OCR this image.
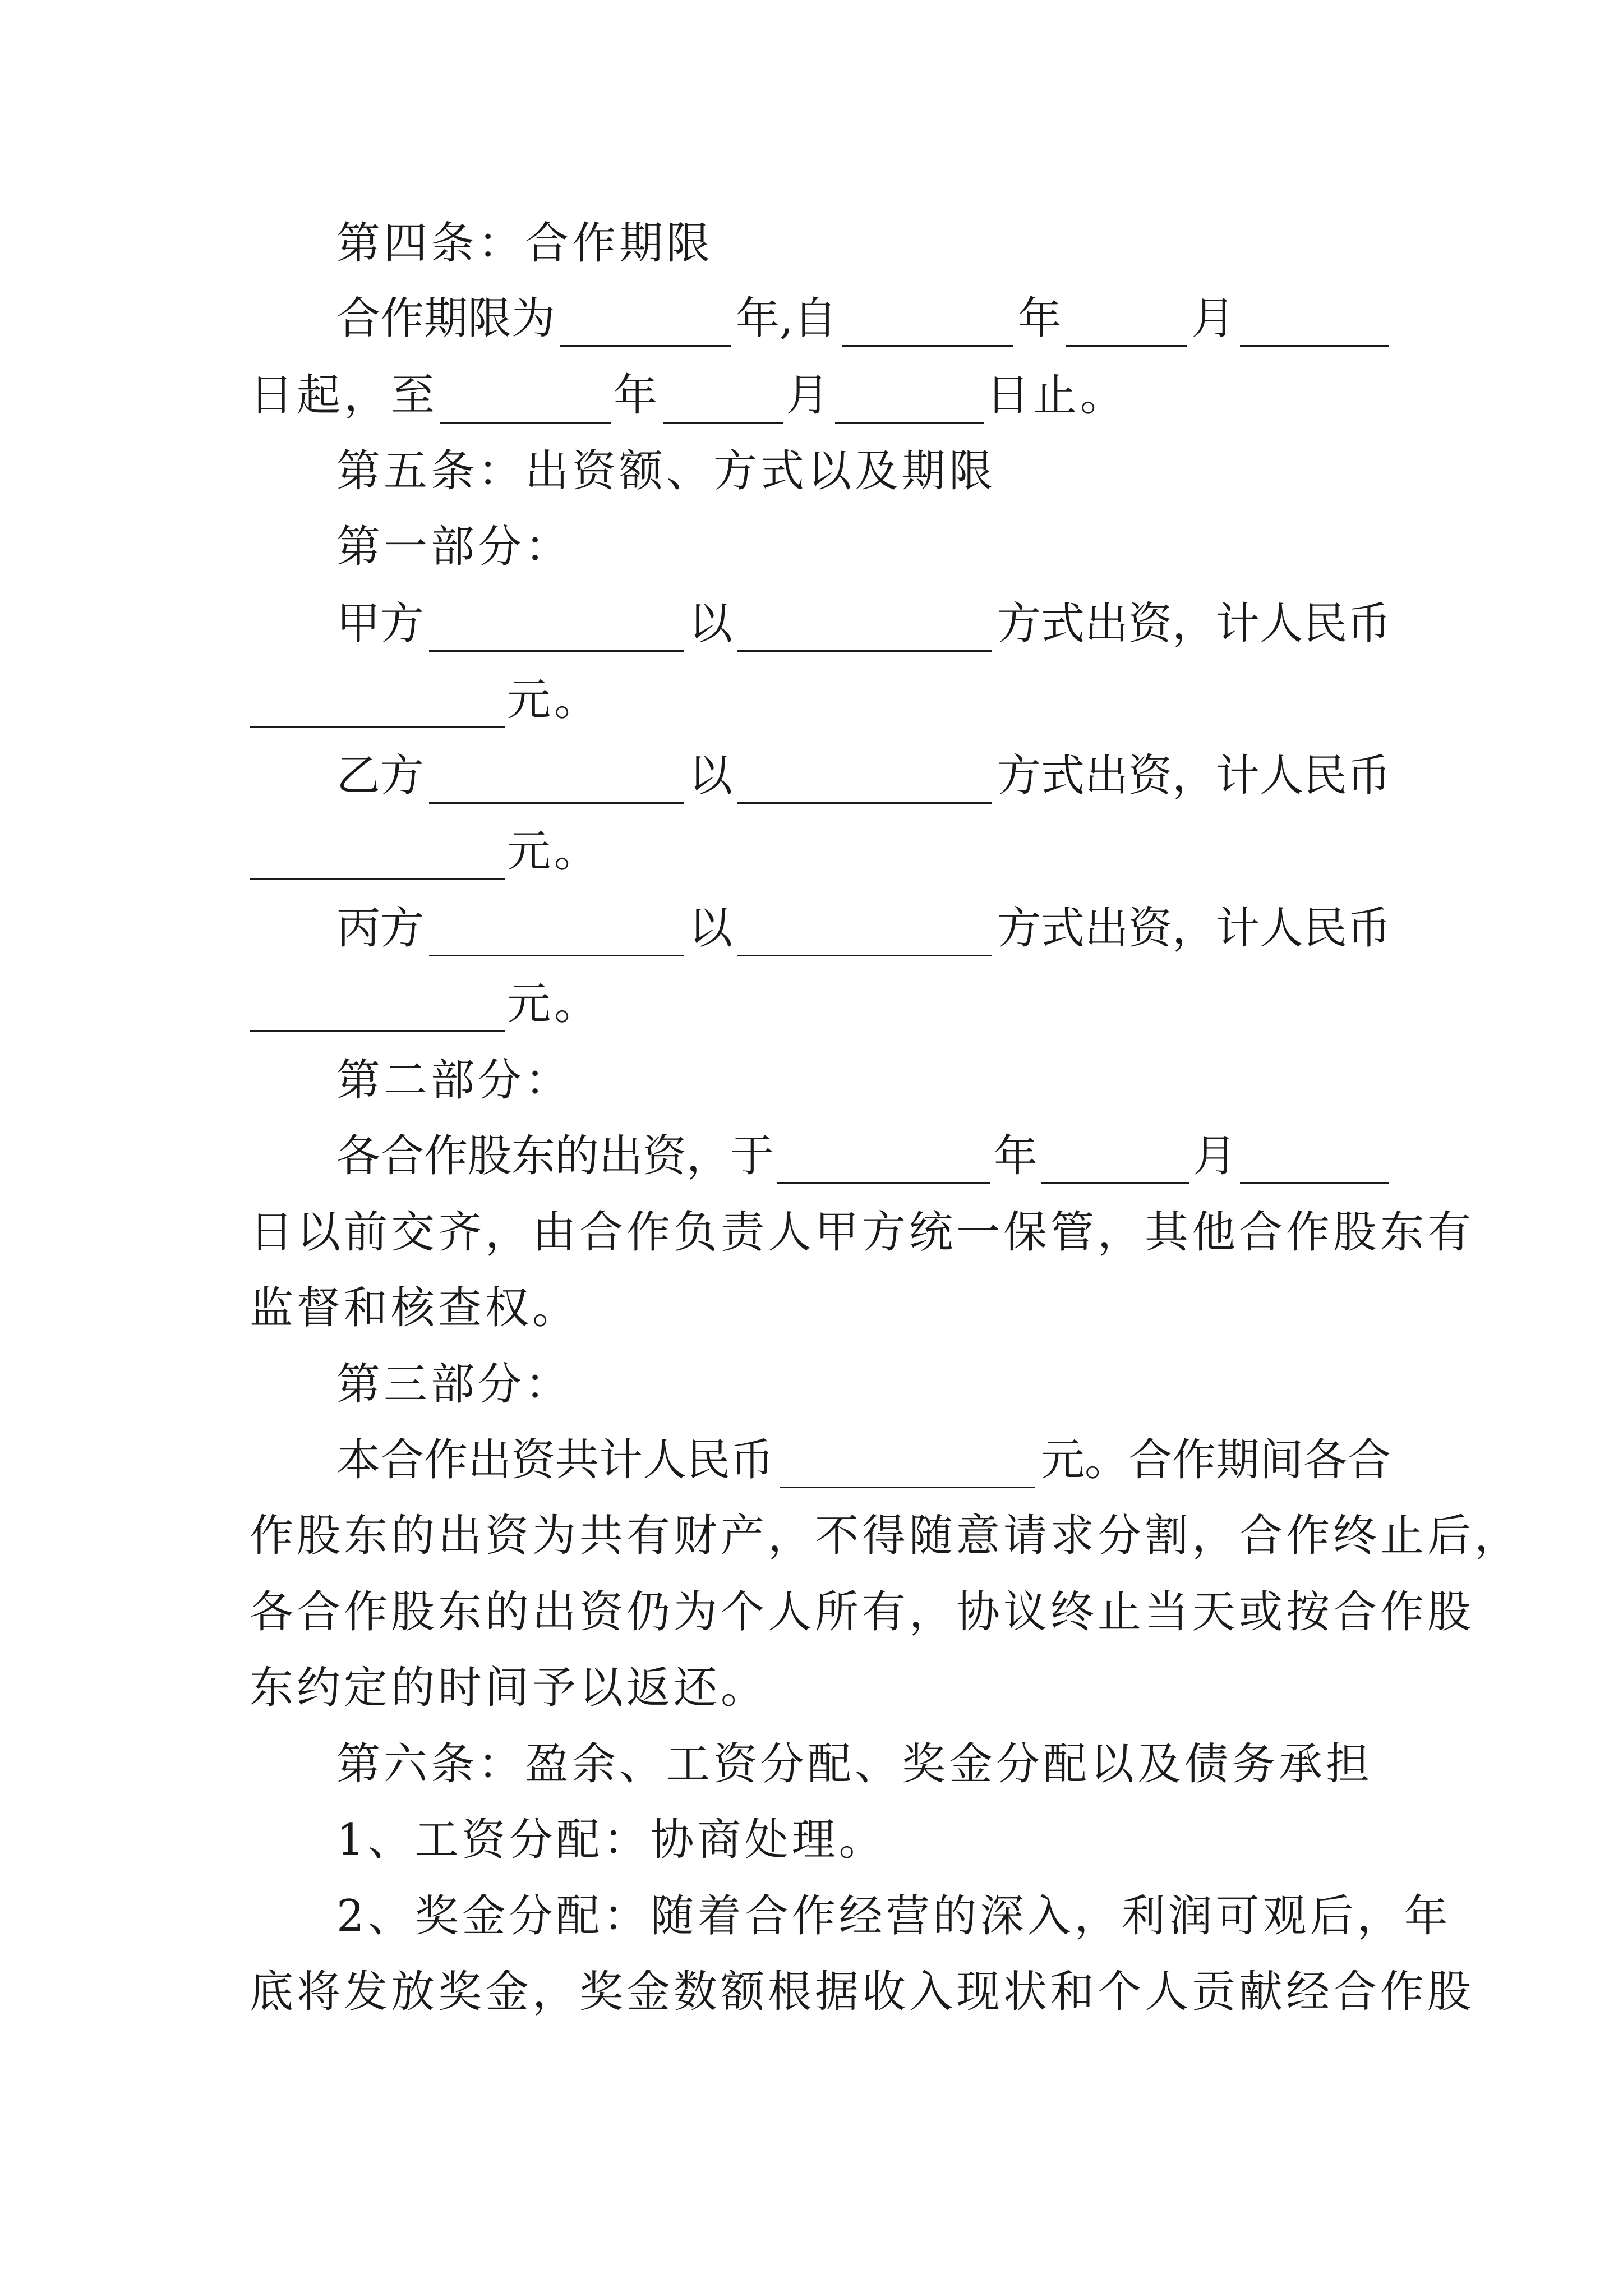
第四条：合作期限
合作期限为	年,自	年	月
日起，至	年	月	日止。
第五条：出资额、方式以及期限
第一部分：
甲方	以	方式出资，计人民币
元。
乙方	以	方式出资，计人民币
元。
丙方	以	方式出资，计人民币
元。
第二部分：
各合作股东的出资，于	年	月
日以前交齐，由合作负责人甲方统一保管，其他合作股东有
监督和核查权。
第三部分：
本合作出资共计人民币	元。合作期间各合
作股东的出资为共有财产，不得随意请求分割，合作终止后，
各合作股东的出资仍为个人所有，协议终止当天或按合作股
东约定的时间予以返还。
第六条：盈余、工资分配、奖金分配以及债务承担
1、工资分配：协商处理。
2、奖金分配：随着合作经营的深入，利润可观后，年
底将发放奖金，奖金数额根据收入现状和个人贡献经合作股
